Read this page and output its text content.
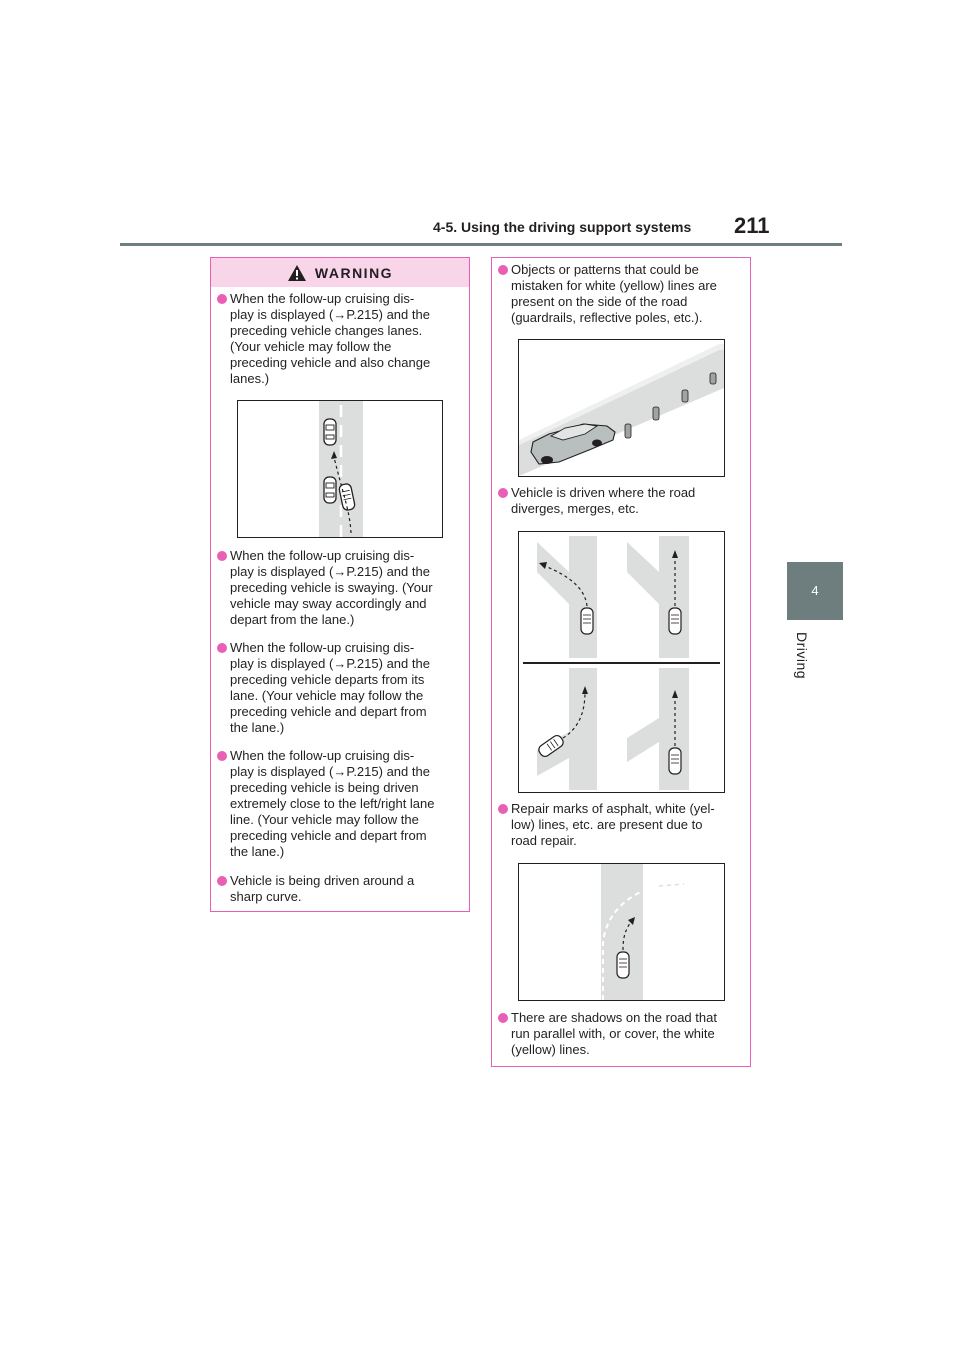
4-5. Using the driving support systems 211
4
Driving
WARNING
When the follow-up cruising dis-
play is displayed (→P.215) and the
preceding vehicle changes lanes.
(Your vehicle may follow the
preceding vehicle and also change
lanes.)
When the follow-up cruising dis-
play is displayed (→P.215) and the
preceding vehicle is swaying. (Your
vehicle may sway accordingly and
depart from the lane.)
When the follow-up cruising dis-
play is displayed (→P.215) and the
preceding vehicle departs from its
lane. (Your vehicle may follow the
preceding vehicle and depart from
the lane.)
When the follow-up cruising dis-
play is displayed (→P.215) and the
preceding vehicle is being driven
extremely close to the left/right lane
line. (Your vehicle may follow the
preceding vehicle and depart from
the lane.)
Vehicle is being driven around a
sharp curve.
Objects or patterns that could be
mistaken for white (yellow) lines are
present on the side of the road
(guardrails, reflective poles, etc.).
Vehicle is driven where the road
diverges, merges, etc.
Repair marks of asphalt, white (yel-
low) lines, etc. are present due to
road repair.
There are shadows on the road that
run parallel with, or cover, the white
(yellow) lines.
